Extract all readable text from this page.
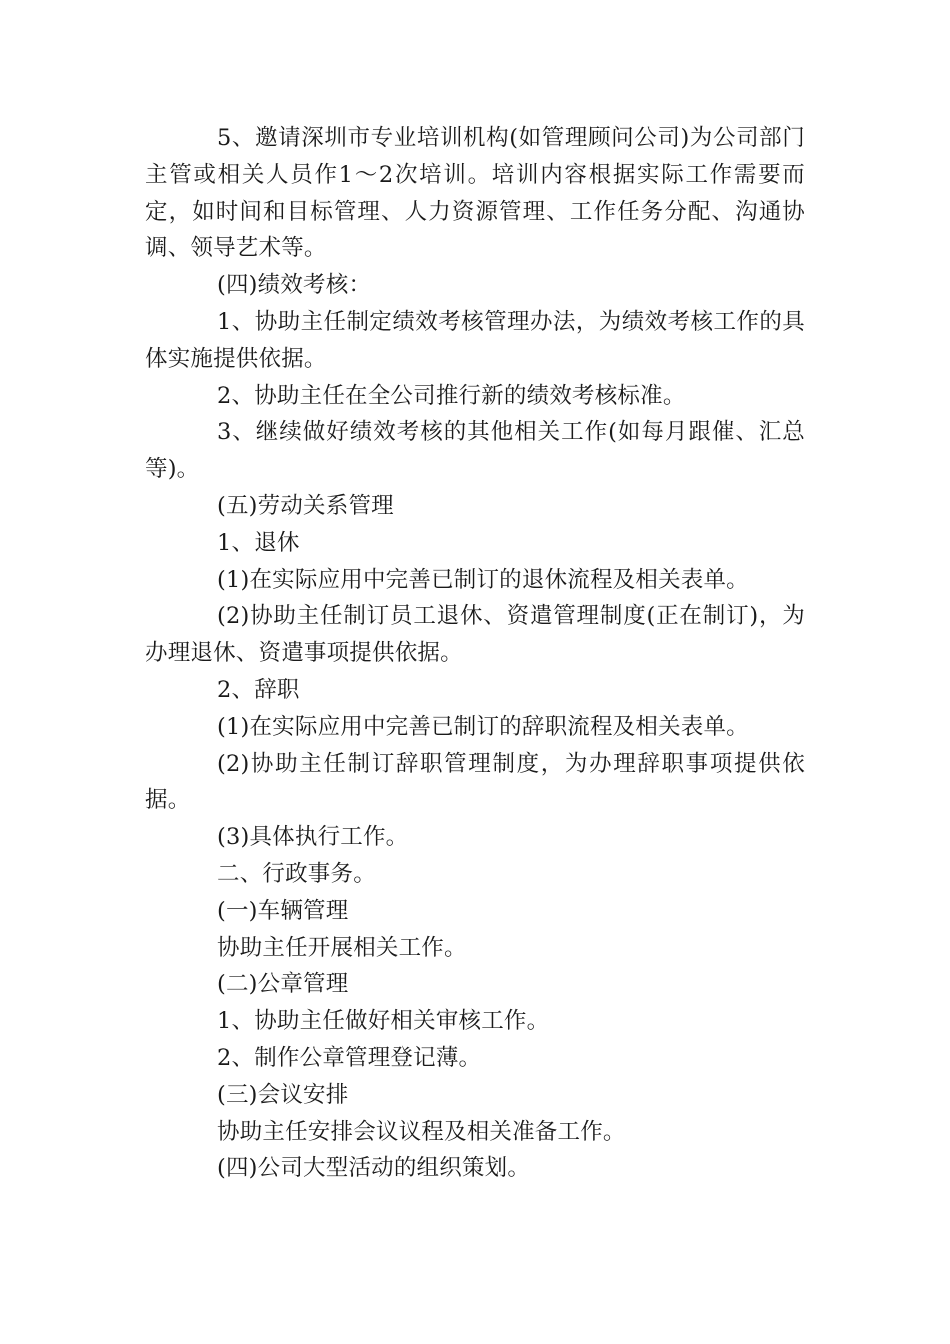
5、邀请深圳市专业培训机构(如管理顾问公司)为公司部门主管或相关人员作1～2次培训。培训内容根据实际工作需要而定，如时间和目标管理、人力资源管理、工作任务分配、沟通协调、领导艺术等。

(四)绩效考核：

1、协助主任制定绩效考核管理办法，为绩效考核工作的具体实施提供依据。

2、协助主任在全公司推行新的绩效考核标准。

3、继续做好绩效考核的其他相关工作(如每月跟催、汇总等)。

(五)劳动关系管理

1、退休

(1)在实际应用中完善已制订的退休流程及相关表单。

(2)协助主任制订员工退休、资遣管理制度(正在制订)，为办理退休、资遣事项提供依据。

2、辞职

(1)在实际应用中完善已制订的辞职流程及相关表单。

(2)协助主任制订辞职管理制度，为办理辞职事项提供依据。

(3)具体执行工作。

二、行政事务。

(一)车辆管理

协助主任开展相关工作。

(二)公章管理

1、协助主任做好相关审核工作。

2、制作公章管理登记薄。

(三)会议安排

协助主任安排会议议程及相关准备工作。

(四)公司大型活动的组织策划。
